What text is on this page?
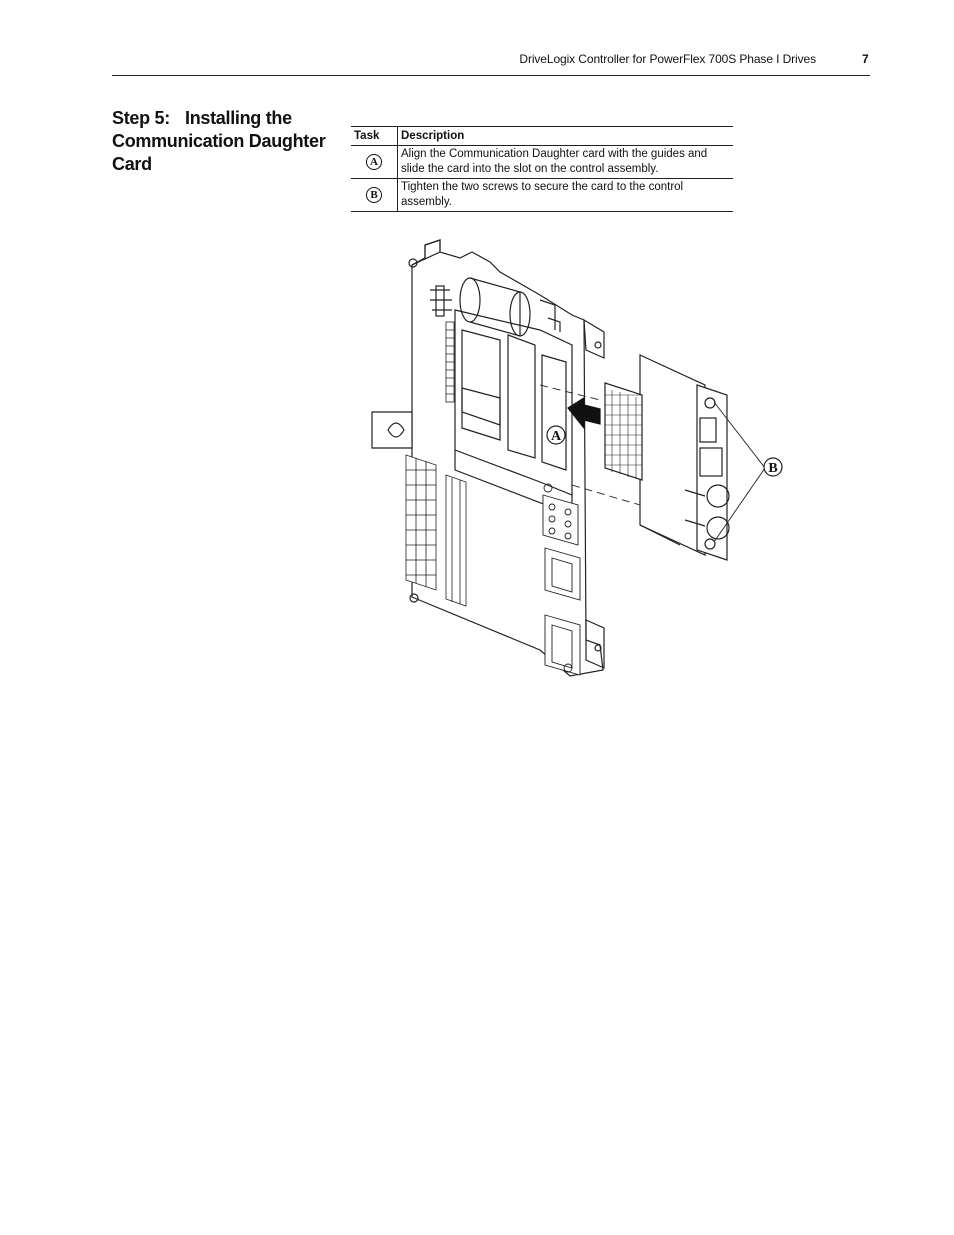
DriveLogix Controller for PowerFlex 700S Phase I Drives	7
Step 5: Installing the Communication Daughter Card
Task	Description
A	Align the Communication Daughter card with the guides and slide the card into the slot on the control assembly.
B	Tighten the two screws to secure the card to the control assembly.
A
B
